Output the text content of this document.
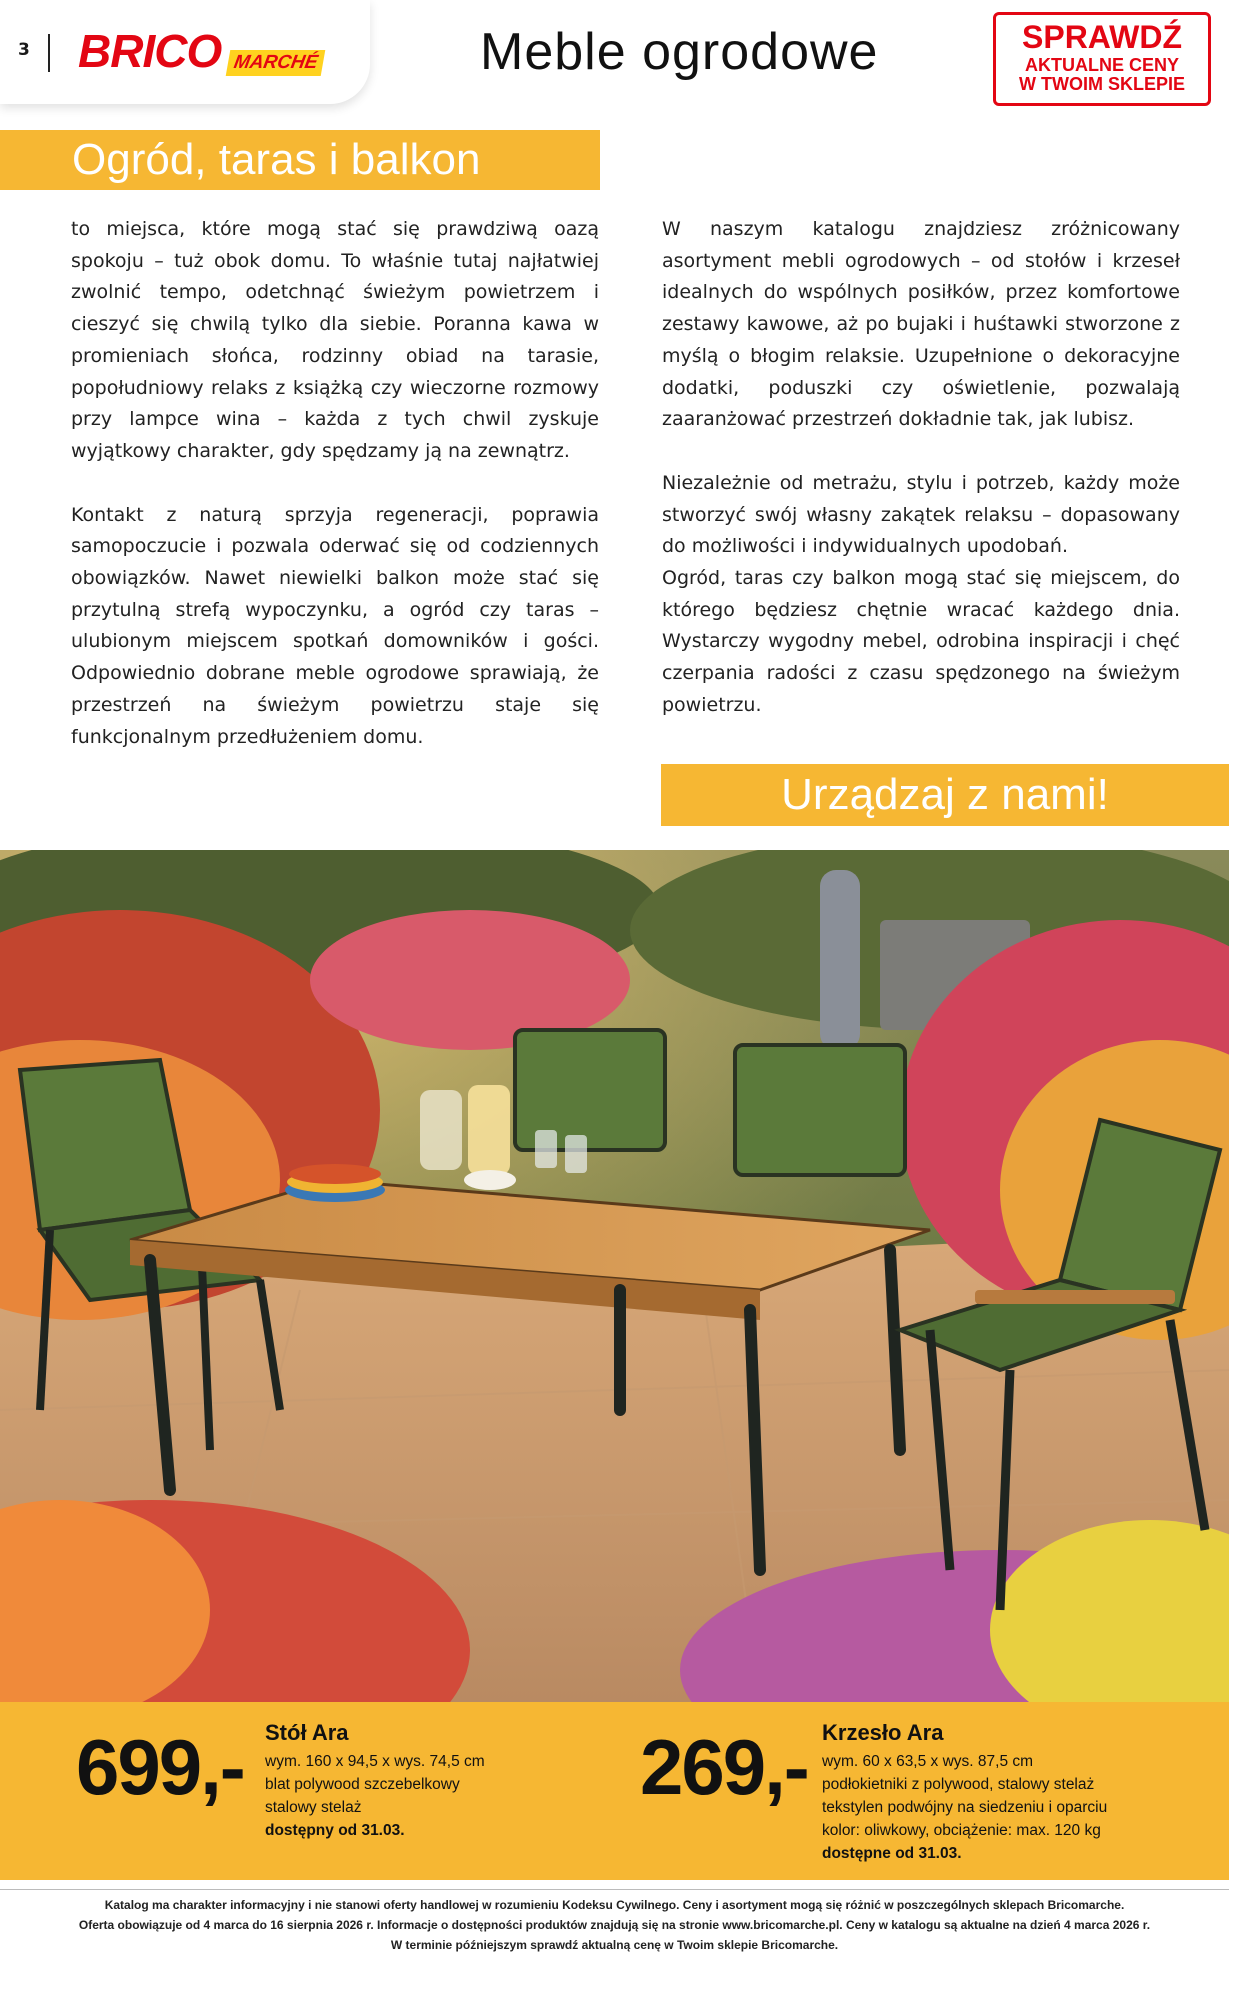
3 BRICO MARCHÉ	Meble ogrodowe	SPRAWDŹ
AKTUALNE CENY
W TWOIM SKLEPIE
Ogród, taras i balkon

to miejsca, które mogą stać się prawdziwą oazą spokoju – tuż obok domu. To właśnie tutaj najłatwiej zwolnić tempo, odetchnąć świeżym powietrzem i cieszyć się chwilą tylko dla siebie. Poranna kawa w promieniach słońca, rodzinny obiad na tarasie, popołudniowy relaks z książką czy wieczorne rozmowy przy lampce wina – każda z tych chwil zyskuje wyjątkowy charakter, gdy spędzamy ją na zewnątrz.

Kontakt z naturą sprzyja regeneracji, poprawia samopoczucie i pozwala oderwać się od codziennych obowiązków. Nawet niewielki balkon może stać się przytulną strefą wypoczynku, a ogród czy taras – ulubionym miejscem spotkań domowników i gości. Odpowiednio dobrane meble ogrodowe sprawiają, że przestrzeń na świeżym powietrzu staje się funkcjonalnym przedłużeniem domu.

W naszym katalogu znajdziesz zróżnicowany asortyment mebli ogrodowych – od stołów i krzeseł idealnych do wspólnych posiłków, przez komfortowe zestawy kawowe, aż po bujaki i huśtawki stworzone z myślą o błogim relaksie. Uzupełnione o dekoracyjne dodatki, poduszki czy oświetlenie, pozwalają zaaranżować przestrzeń dokładnie tak, jak lubisz.

Niezależnie od metrażu, stylu i potrzeb, każdy może stworzyć swój własny zakątek relaksu – dopasowany do możliwości i indywidualnych upodobań.

Ogród, taras czy balkon mogą stać się miejscem, do którego będziesz chętnie wracać każdego dnia. Wystarczy wygodny mebel, odrobina inspiracji i chęć czerpania radości z czasu spędzonego na świeżym powietrzu.

Urządzaj z nami!
699,- Stół Ara
wym. 160 x 94,5 x wys. 74,5 cm
blat polywood szczebelkowy
stalowy stelaż
dostępny od 31.03.
269,- Krzesło Ara
wym. 60 x 63,5 x wys. 87,5 cm
podłokietniki z polywood, stalowy stelaż
tekstylen podwójny na siedzeniu i oparciu
kolor: oliwkowy, obciążenie: max. 120 kg
dostępne od 31.03.
Katalog ma charakter informacyjny i nie stanowi oferty handlowej w rozumieniu Kodeksu Cywilnego. Ceny i asortyment mogą się różnić w poszczególnych sklepach Bricomarche.
Oferta obowiązuje od 4 marca do 16 sierpnia 2026 r. Informacje o dostępności produktów znajdują się na stronie www.bricomarche.pl. Ceny w katalogu są aktualne na dzień 4 marca 2026 r.
W terminie późniejszym sprawdź aktualną cenę w Twoim sklepie Bricomarche.
